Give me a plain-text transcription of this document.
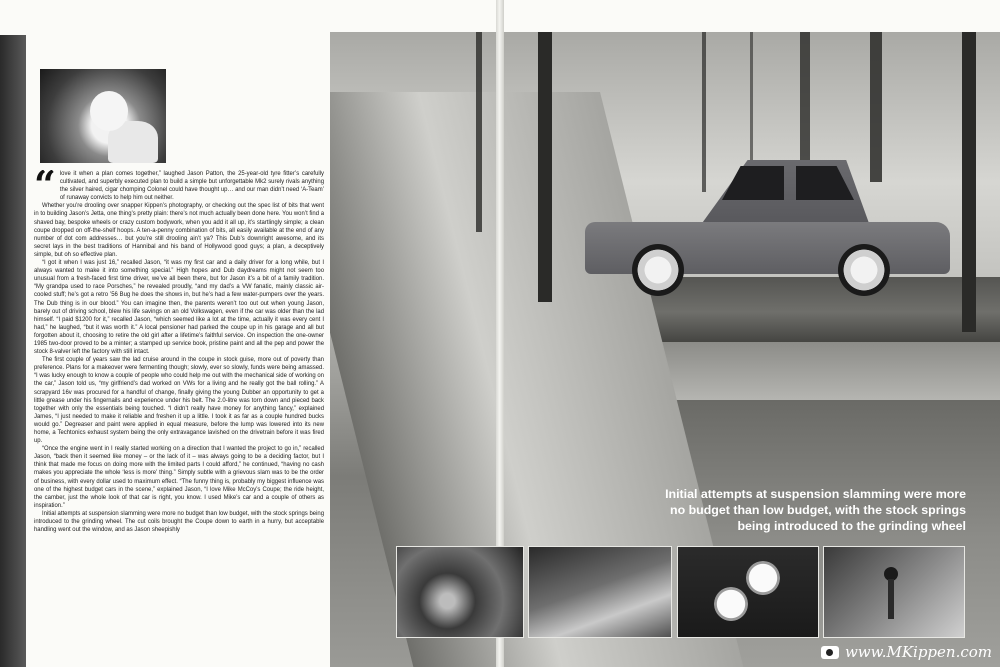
“ love it when a plan comes together,” laughed Jason Patton, the 25-year-old tyre fitter’s carefully cultivated, and superbly executed plan to build a simple but unforgettable Mk2 surely rivals anything the silver haired, cigar chomping Colonel could have thought up… and our man didn’t need ‘A-Team’ of runaway convicts to help him out neither.

Whether you’re drooling over snapper Kippen’s photography, or checking out the spec list of bits that went in to building Jason’s Jetta, one thing’s pretty plain: there’s not much actually been done here. You won’t find a shaved bay, bespoke wheels or crazy custom bodywork, when you add it all up, it’s startlingly simple; a clean coupe dropped on off-the-shelf hoops. A ten-a-penny combination of bits, all easily available at the end of any number of dot com addresses… but you’re still drooling ain’t ya? This Dub’s downright awesome, and its secret lays in the best traditions of Hannibal and his band of Hollywood good guys; a plan, a deceptively simple, but oh so effective plan.

“I got it when I was just 16,” recalled Jason, “it was my first car and a daily driver for a long while, but I always wanted to make it into something special.” High hopes and Dub daydreams might not seem too unusual from a fresh-faced first time driver, we’ve all been there, but for Jason it’s a bit of a family tradition. “My grandpa used to race Porsches,” he revealed proudly, “and my dad’s a VW fanatic, mainly classic air-cooled stuff; he’s got a retro ’56 Bug he does the shows in, but he’s had a few water-pumpers over the years. The Dub thing is in our blood.” You can imagine then, the parents weren’t too out out when young Jason, barely out of driving school, blew his life savings on an old Volkswagen, even if the car was older than the lad himself. “I paid $1200 for it,” recalled Jason, “which seemed like a lot at the time, actually it was every cent I had,” he laughed, “but it was worth it.” A local pensioner had parked the coupe up in his garage and all but forgotten about it, choosing to retire the old girl after a lifetime’s faithful service. On inspection the one-owner 1985 two-door proved to be a minter; a stamped up service book, pristine paint and all the pep and power the stock 8-valver left the factory with still intact.

The first couple of years saw the lad cruise around in the coupe in stock guise, more out of poverty than preference. Plans for a makeover were fermenting though; slowly, ever so slowly, funds were being amassed. “I was lucky enough to know a couple of people who could help me out with the mechanical side of working on the car,” Jason told us, “my girlfriend’s dad worked on VWs for a living and he really got the ball rolling.” A scrapyard 16v was procured for a handful of change, finally giving the young Dubber an opportunity to get a little grease under his fingernails and experience under his belt. The 2.0-litre was torn down and pieced back together with only the essentials being touched. “I didn’t really have money for anything fancy,” explained James, “I just needed to make it reliable and freshen it up a little. I took it as far as a couple hundred bucks would go.” Degreaser and paint were applied in equal measure, before the lump was lowered into its new home, a Techtonics exhaust system being the only extravagance lavished on the drivetrain before it was fired up.

“Once the engine went in I really started working on a direction that I wanted the project to go in,” recalled Jason, “back then it seemed like money – or the lack of it – was always going to be a deciding factor, but I think that made me focus on doing more with the limited parts I could afford,” he continued, “having no cash makes you appreciate the whole ‘less is more’ thing.” Simply subtle with a grievous slam was to be the order of business, with every dollar used to maximum effect. “The funny thing is, probably my biggest influence was one of the highest budget cars in the scene,” explained Jason, “I love Mike McCoy’s Coupe; the ride height, the camber, just the whole look of that car is right, you know. I used Mike’s car and a couple of others as inspiration.”

Initial attempts at suspension slamming were more no budget than low budget, with the stock springs being introduced to the grinding wheel. The cut coils brought the Coupe down to earth in a hurry, but acceptable handling went out the window, and as Jason sheepishly

Initial attempts at suspension slamming were more
no budget than low budget, with the stock springs
being introduced to the grinding wheel
www.MKippen.com
